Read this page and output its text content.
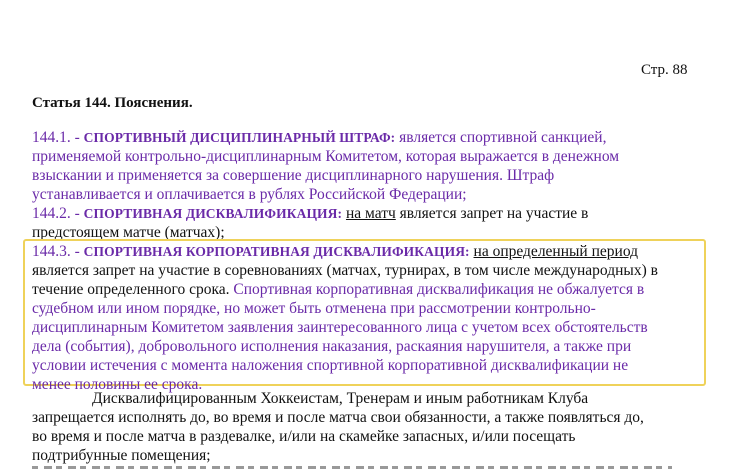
Стр. 88
Статья 144. Пояснения.
144.1. - СПОРТИВНЫЙ ДИСЦИПЛИНАРНЫЙ ШТРАФ: является спортивной санкцией,
применяемой контрольно-дисциплинарным Комитетом, которая выражается в денежном
взыскании и применяется за совершение дисциплинарного нарушения. Штраф
устанавливается и оплачивается в рублях Российской Федерации;
144.2. - СПОРТИВНАЯ ДИСКВАЛИФИКАЦИЯ: на матч является запрет на участие в
предстоящем матче (матчах);
144.3. - СПОРТИВНАЯ КОРПОРАТИВНАЯ ДИСКВАЛИФИКАЦИЯ: на определенный период
является запрет на участие в соревнованиях (матчах, турнирах, в том числе международных) в
течение определенного срока. Спортивная корпоративная дисквалификация не обжалуется в
судебном или ином порядке, но может быть отменена при рассмотрении контрольно-
дисциплинарным Комитетом заявления заинтересованного лица с учетом всех обстоятельств
дела (события), добровольного исполнения наказания, раскаяния нарушителя, а также при
условии истечения с момента наложения спортивной корпоративной дисквалификации не
менее половины ее срока.
Дисквалифицированным Хоккеистам, Тренерам и иным работникам Клуба
запрещается исполнять до, во время и после матча свои обязанности, а также появляться до,
во время и после матча в раздевалке, и/или на скамейке запасных, и/или посещать
подтрибунные помещения;
